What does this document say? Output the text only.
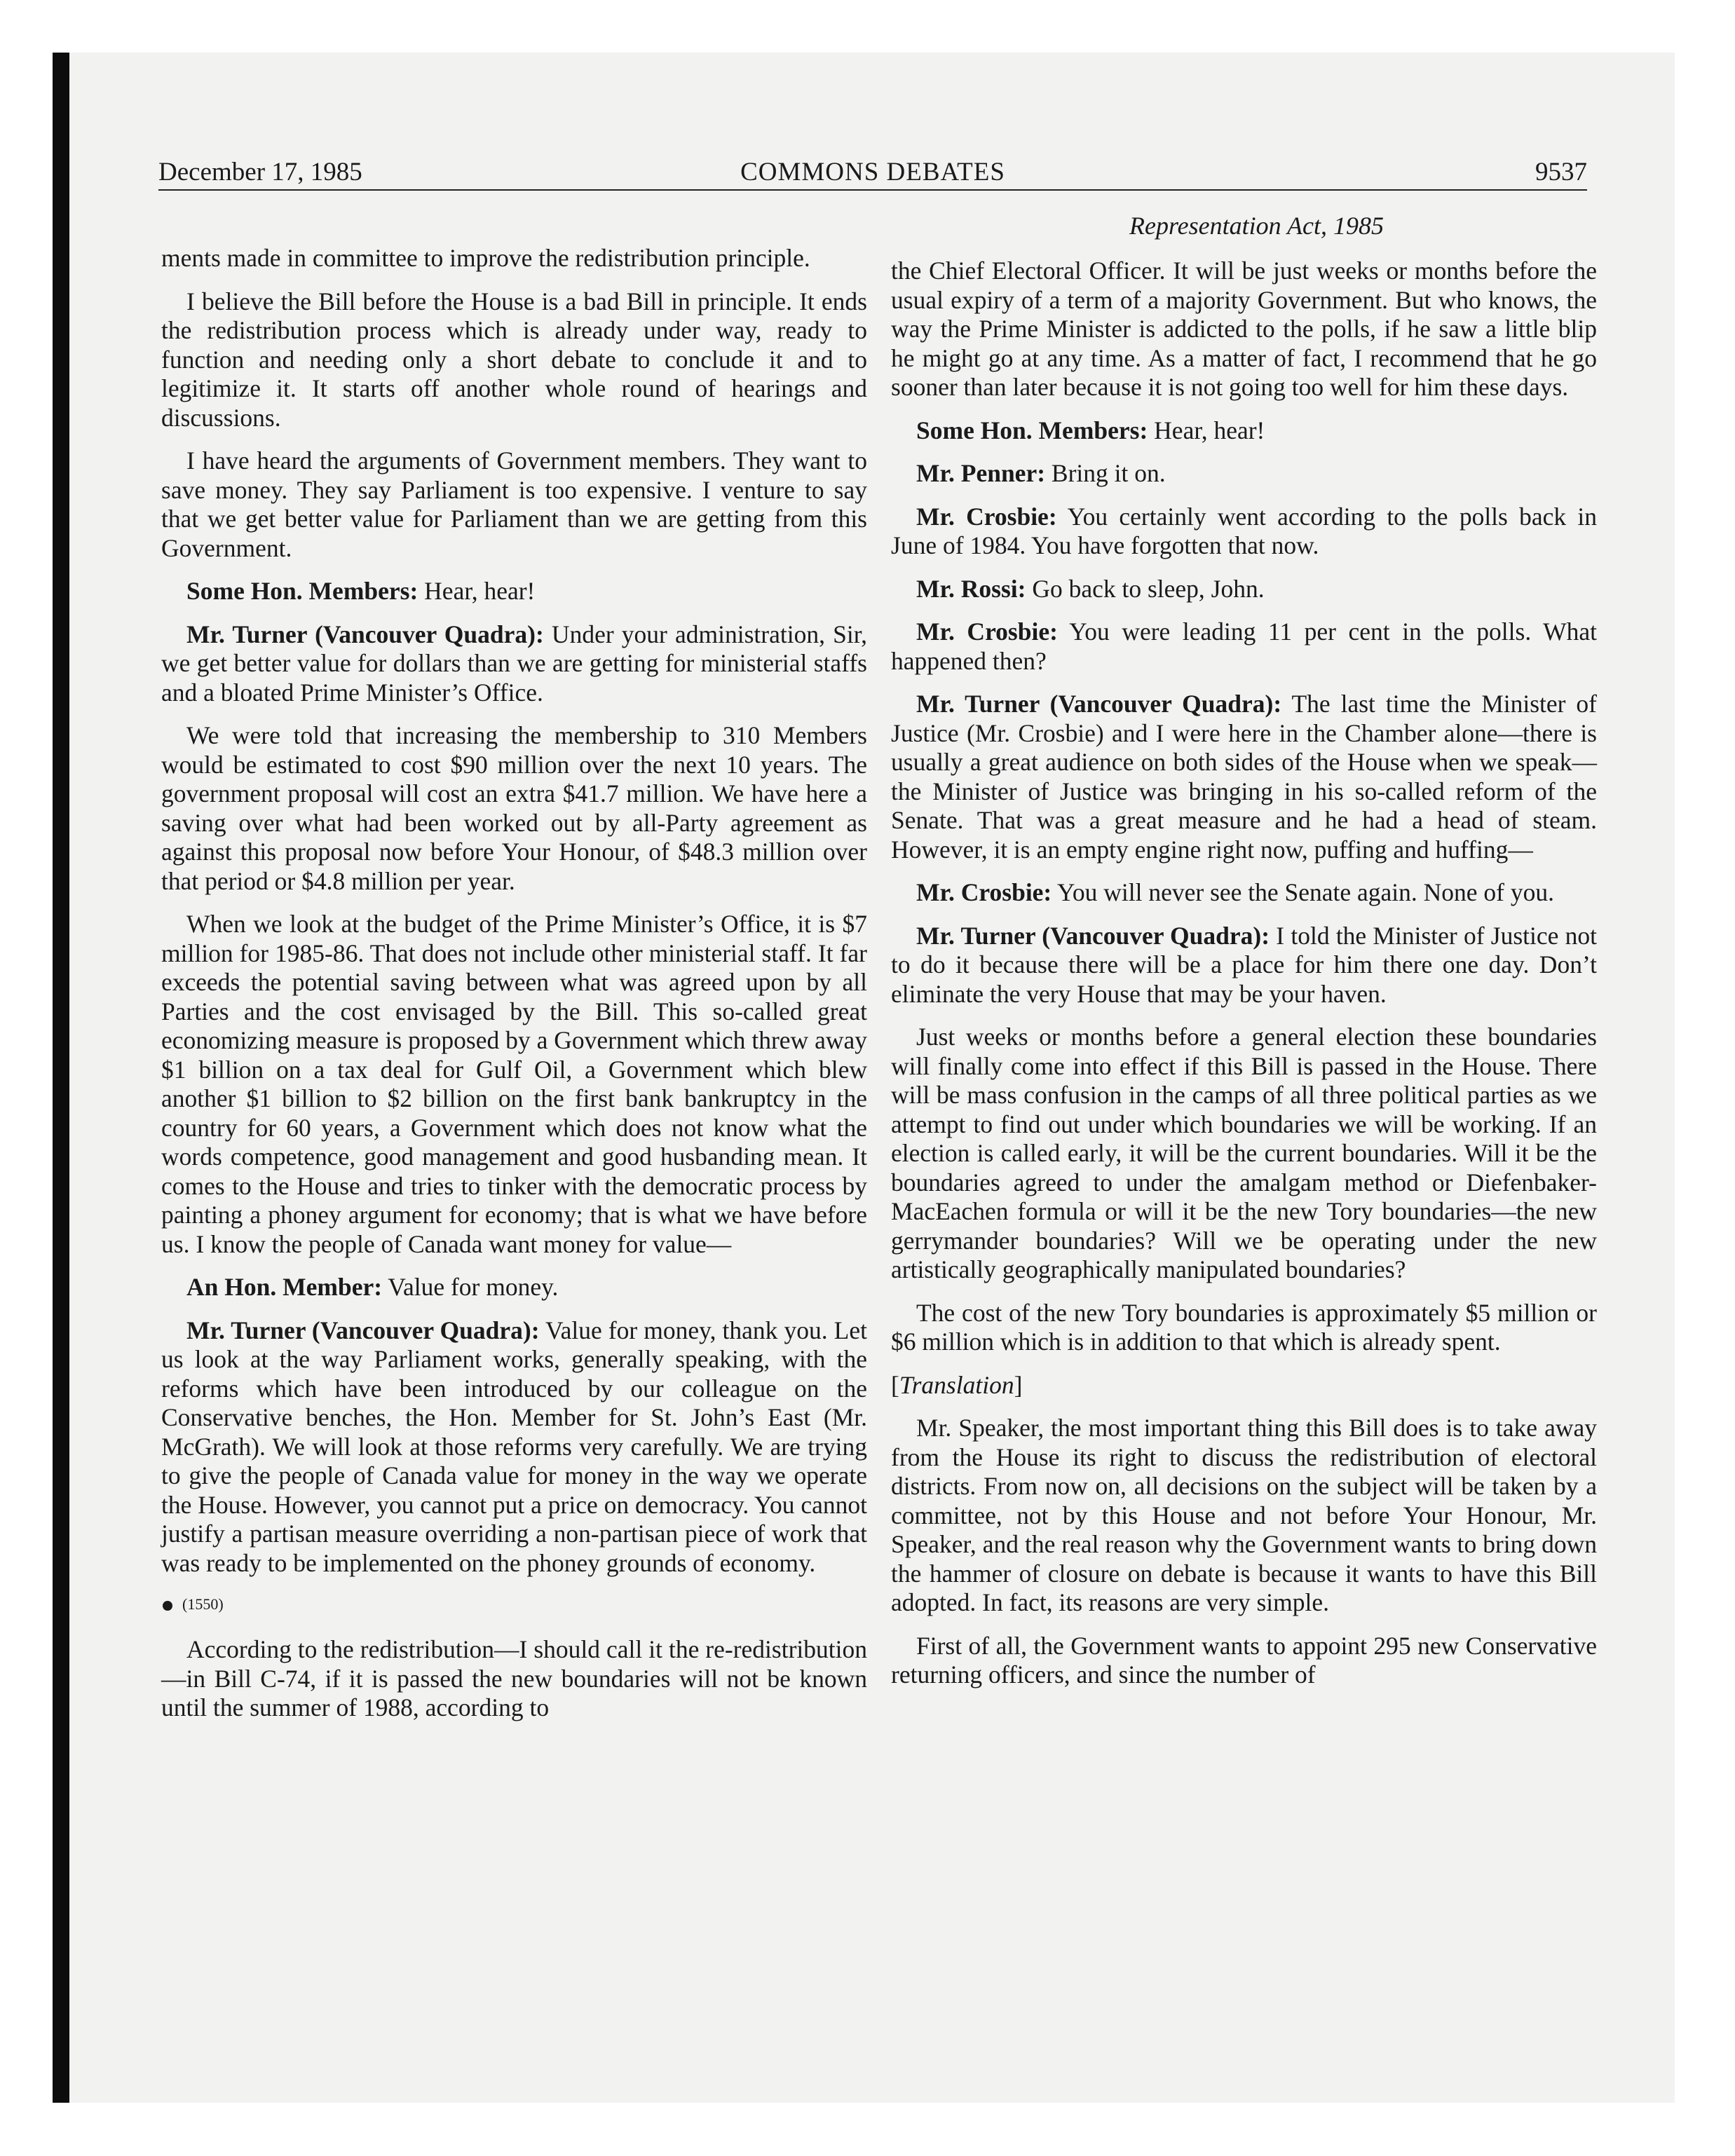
December 17, 1985	COMMONS DEBATES	9537

ments made in committee to improve the redistribution principle.

I believe the Bill before the House is a bad Bill in principle. It ends the redistribution process which is already under way, ready to function and needing only a short debate to conclude it and to legitimize it. It starts off another whole round of hearings and discussions.

I have heard the arguments of Government members. They want to save money. They say Parliament is too expensive. I venture to say that we get better value for Parliament than we are getting from this Government.

Some Hon. Members: Hear, hear!

Mr. Turner (Vancouver Quadra): Under your administration, Sir, we get better value for dollars than we are getting for ministerial staffs and a bloated Prime Minister’s Office.

We were told that increasing the membership to 310 Members would be estimated to cost $90 million over the next 10 years. The government proposal will cost an extra $41.7 million. We have here a saving over what had been worked out by all-Party agreement as against this proposal now before Your Honour, of $48.3 million over that period or $4.8 million per year.

When we look at the budget of the Prime Minister’s Office, it is $7 million for 1985-86. That does not include other ministerial staff. It far exceeds the potential saving between what was agreed upon by all Parties and the cost envisaged by the Bill. This so-called great economizing measure is proposed by a Government which threw away $1 billion on a tax deal for Gulf Oil, a Government which blew another $1 billion to $2 billion on the first bank bankruptcy in the country for 60 years, a Government which does not know what the words competence, good management and good husbanding mean. It comes to the House and tries to tinker with the democratic process by painting a phoney argument for economy; that is what we have before us. I know the people of Canada want money for value—

An Hon. Member: Value for money.

Mr. Turner (Vancouver Quadra): Value for money, thank you. Let us look at the way Parliament works, generally speaking, with the reforms which have been introduced by our colleague on the Conservative benches, the Hon. Member for St. John’s East (Mr. McGrath). We will look at those reforms very carefully. We are trying to give the people of Canada value for money in the way we operate the House. However, you cannot put a price on democracy. You cannot justify a partisan measure overriding a non-partisan piece of work that was ready to be implemented on the phoney grounds of economy.

(1550)

According to the redistribution—I should call it the re-redistribution—in Bill C-74, if it is passed the new boundaries will not be known until the summer of 1988, according to

Representation Act, 1985

the Chief Electoral Officer. It will be just weeks or months before the usual expiry of a term of a majority Government. But who knows, the way the Prime Minister is addicted to the polls, if he saw a little blip he might go at any time. As a matter of fact, I recommend that he go sooner than later because it is not going too well for him these days.

Some Hon. Members: Hear, hear!

Mr. Penner: Bring it on.

Mr. Crosbie: You certainly went according to the polls back in June of 1984. You have forgotten that now.

Mr. Rossi: Go back to sleep, John.

Mr. Crosbie: You were leading 11 per cent in the polls. What happened then?

Mr. Turner (Vancouver Quadra): The last time the Minister of Justice (Mr. Crosbie) and I were here in the Chamber alone—there is usually a great audience on both sides of the House when we speak—the Minister of Justice was bringing in his so-called reform of the Senate. That was a great measure and he had a head of steam. However, it is an empty engine right now, puffing and huffing—

Mr. Crosbie: You will never see the Senate again. None of you.

Mr. Turner (Vancouver Quadra): I told the Minister of Justice not to do it because there will be a place for him there one day. Don’t eliminate the very House that may be your haven.

Just weeks or months before a general election these boundaries will finally come into effect if this Bill is passed in the House. There will be mass confusion in the camps of all three political parties as we attempt to find out under which boundaries we will be working. If an election is called early, it will be the current boundaries. Will it be the boundaries agreed to under the amalgam method or Diefenbaker-MacEachen formula or will it be the new Tory boundaries—the new gerrymander boundaries? Will we be operating under the new artistically geographically manipulated boundaries?

The cost of the new Tory boundaries is approximately $5 million or $6 million which is in addition to that which is already spent.

[Translation]

Mr. Speaker, the most important thing this Bill does is to take away from the House its right to discuss the redistribution of electoral districts. From now on, all decisions on the subject will be taken by a committee, not by this House and not before Your Honour, Mr. Speaker, and the real reason why the Government wants to bring down the hammer of closure on debate is because it wants to have this Bill adopted. In fact, its reasons are very simple.

First of all, the Government wants to appoint 295 new Conservative returning officers, and since the number of
